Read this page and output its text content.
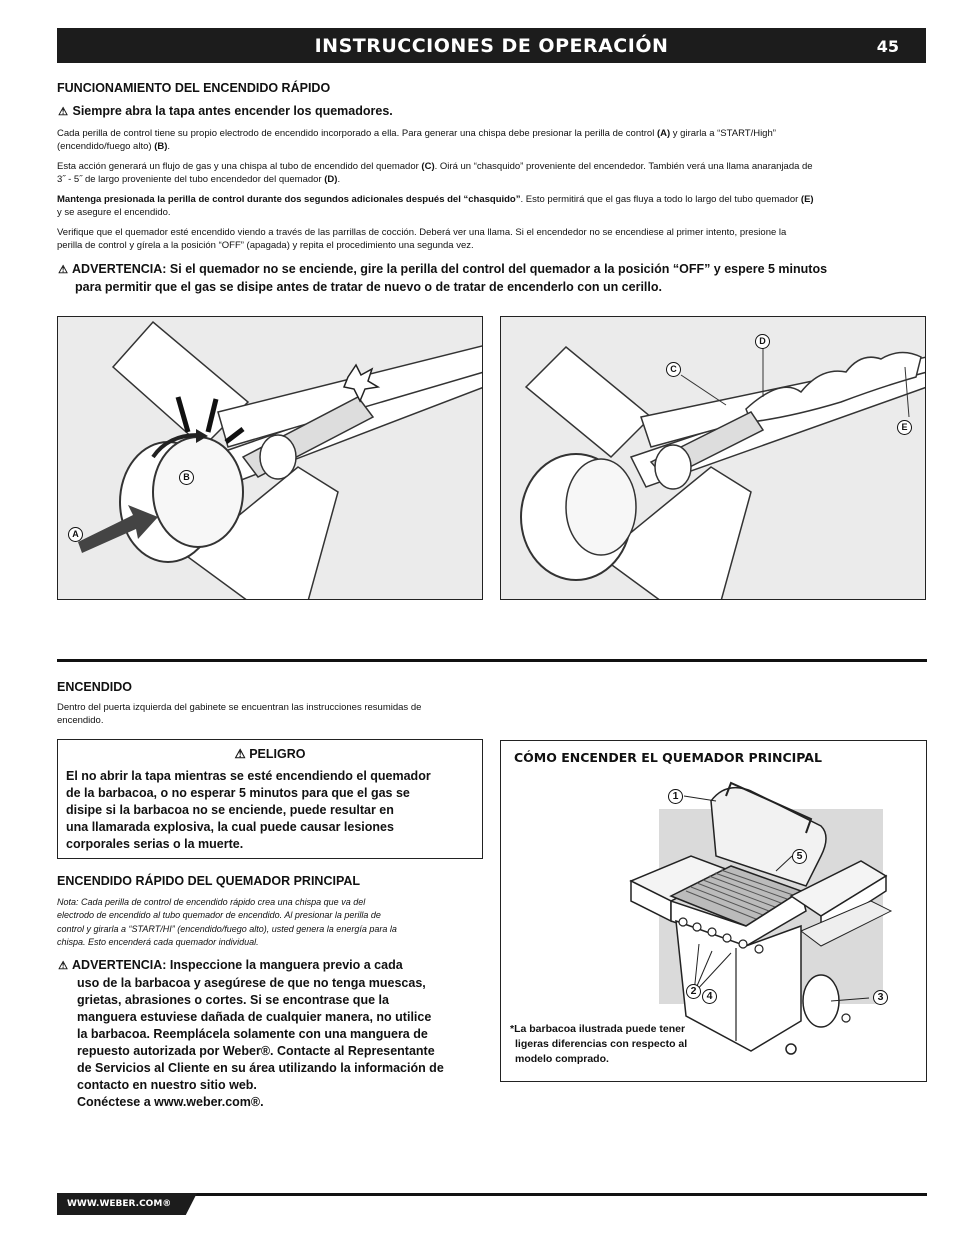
INSTRUCCIONES DE OPERACIÓN	45
FUNCIONAMIENTO DEL ENCENDIDO RÁPIDO
⚠ Siempre abra la tapa antes encender los quemadores.
Cada perilla de control tiene su propio electrodo de encendido incorporado a ella. Para generar una chispa debe presionar la perilla de control (A) y girarla a “START/High”
(encendido/fuego alto) (B).
Esta acción generará un flujo de gas y una chispa al tubo de encendido del quemador (C). Oirá un “chasquido” proveniente del encendedor. También verá una llama anaranjada de
3˝ - 5˝ de largo proveniente del tubo encendedor del quemador (D).
Mantenga presionada la perilla de control durante dos segundos adicionales después del “chasquido”. Esto permitirá que el gas fluya a todo lo largo del tubo quemador (E)
y se asegure el encendido.
Verifique que el quemador esté encendido viendo a través de las parrillas de cocción. Deberá ver una llama. Si el encendedor no se encendiese al primer intento, presione la
perilla de control y gírela a la posición “OFF” (apagada) y repita el procedimiento una segunda vez.
⚠ ADVERTENCIA: Si el quemador no se enciende, gire la perilla del control del quemador a la posición “OFF” y espere 5 minutos
para permitir que el gas se disipe antes de tratar de nuevo o de tratar de encenderlo con un cerillo.
B
A
D
C
E
ENCENDIDO
Dentro del puerta izquierda del gabinete se encuentran las instrucciones resumidas de
encendido.
⚠ PELIGRO
El no abrir la tapa mientras se esté encendiendo el quemador
de la barbacoa, o no esperar 5 minutos para que el gas se
disipe si la barbacoa no se enciende, puede resultar en
una llamarada explosiva, la cual puede causar lesiones
corporales serias o la muerte.
ENCENDIDO RÁPIDO DEL QUEMADOR PRINCIPAL
Nota: Cada perilla de control de encendido rápido crea una chispa que va del
electrodo de encendido al tubo quemador de encendido. Al presionar la perilla de
control y girarla a “START/HI” (encendido/fuego alto), usted genera la energía para la
chispa. Esto encenderá cada quemador individual.
⚠ ADVERTENCIA: Inspeccione la manguera previo a cada
uso de la barbacoa y asegúrese de que no tenga muescas,
grietas, abrasiones o cortes. Si se encontrase que la
manguera estuviese dañada de cualquier manera, no utilice
la barbacoa. Reemplácela solamente con una manguera de
repuesto autorizada por Weber®. Contacte al Representante
de Servicios al Cliente en su área utilizando la información de
contacto en nuestro sitio web.
Conéctese a www.weber.com®.
CÓMO ENCENDER EL QUEMADOR PRINCIPAL
1
5
2 4	3
*La barbacoa ilustrada puede tener
ligeras diferencias con respecto al
modelo comprado.
WWW.WEBER.COM®
